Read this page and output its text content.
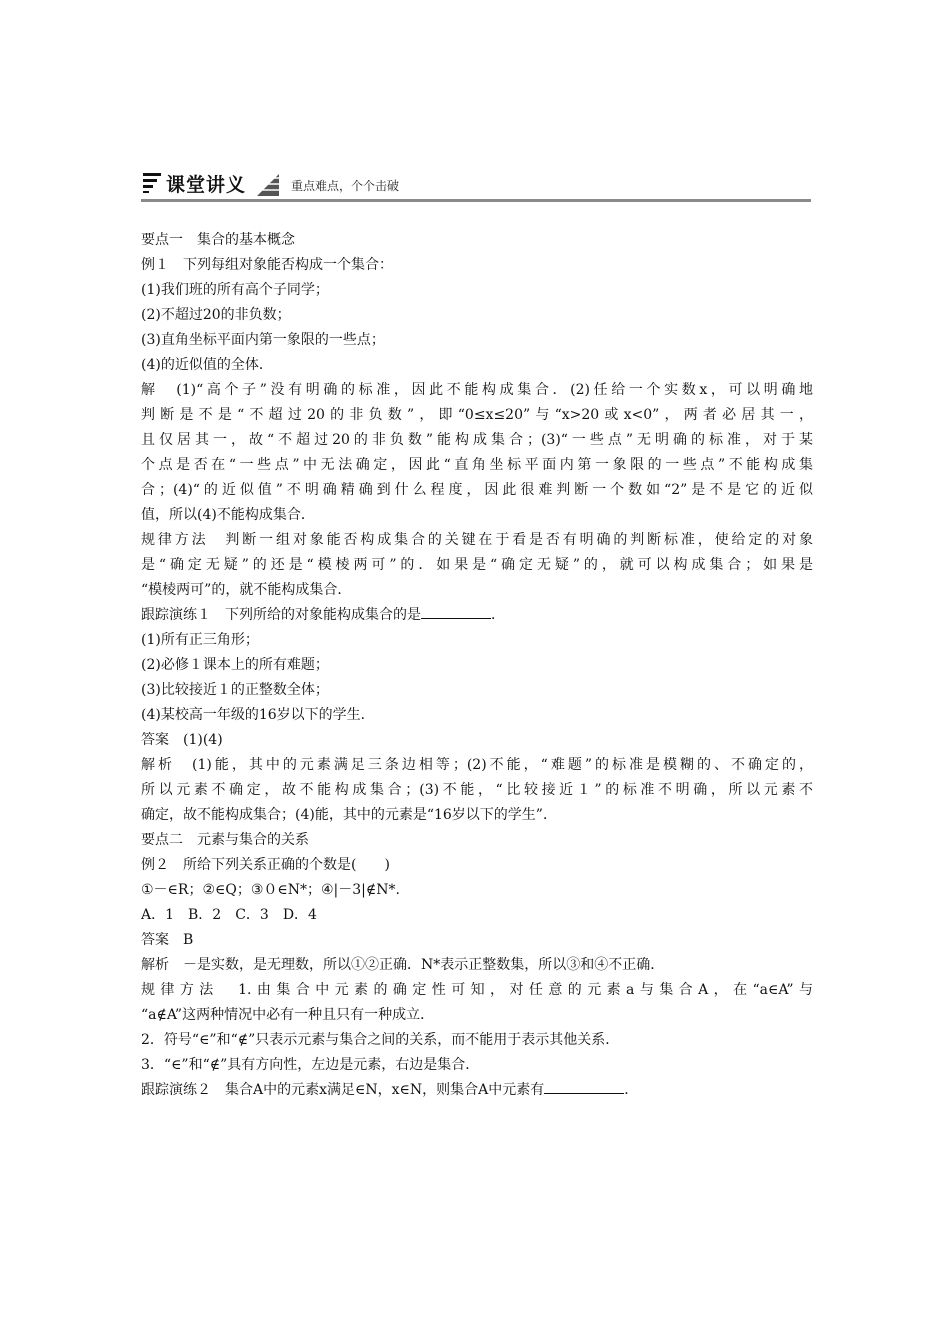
课堂讲义	重点难点，个个击破
要点一　集合的基本概念
例１　下列每组对象能否构成一个集合：
(1)我们班的所有高个子同学；
(2)不超过20的非负数；
(3)直角坐标平面内第一象限的一些点；
(4)的近似值的全体．
解　(1)“高个子”没有明确的标准，因此不能构成集合．(2)任给一个实数x，可以明确地
判断是不是“不超过20的非负数”，即“0≤x≤20”与“x>20或x<0”，两者必居其一，
且仅居其一，故“不超过20的非负数”能构成集合；(3)“一些点”无明确的标准，对于某
个点是否在“一些点”中无法确定，因此“直角坐标平面内第一象限的一些点”不能构成集
合；(4)“的近似值”不明确精确到什么程度，因此很难判断一个数如“2”是不是它的近似
值，所以(4)不能构成集合．
规律方法　判断一组对象能否构成集合的关键在于看是否有明确的判断标准，使给定的对象
是“确定无疑”的还是“模棱两可”的．如果是“确定无疑”的，就可以构成集合；如果是
“模棱两可”的，就不能构成集合．
跟踪演练１　下列所给的对象能构成集合的是	．
(1)所有正三角形；
(2)必修１课本上的所有难题；
(3)比较接近１的正整数全体；
(4)某校高一年级的16岁以下的学生．
答案　(1)(4)
解析　(1)能，其中的元素满足三条边相等；(2)不能，“难题”的标准是模糊的、不确定的，
所以元素不确定，故不能构成集合；(3)不能，“比较接近１”的标准不明确，所以元素不
确定，故不能构成集合；(4)能，其中的元素是“16岁以下的学生”．
要点二　元素与集合的关系
例２　所给下列关系正确的个数是(　　)
①－∈R；②∈Q；③０∈N*；④|－3|∉N*.
A．1　B．2　C．3　D．4
答案　B
解析　－是实数，是无理数，所以①②正确．N*表示正整数集，所以③和④不正确．
规律方法　1.由集合中元素的确定性可知，对任意的元素a与集合A，在“a∈A”与
“a∉A”这两种情况中必有一种且只有一种成立．
2．符号“∈”和“∉”只表示元素与集合之间的关系，而不能用于表示其他关系．
3．“∈”和“∉”具有方向性，左边是元素，右边是集合．
跟踪演练２　集合A中的元素x满足∈N，x∈N，则集合A中元素有	．
